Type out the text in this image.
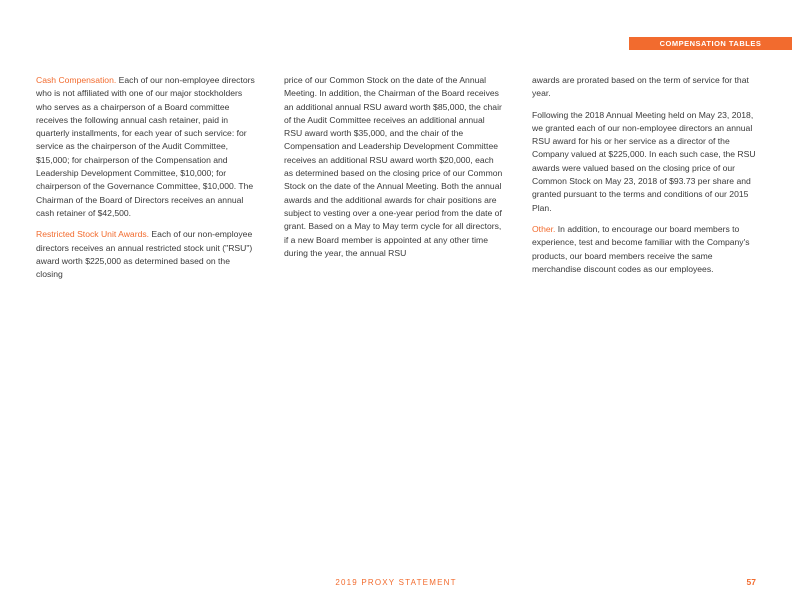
COMPENSATION TABLES

Cash Compensation. Each of our non-employee directors who is not affiliated with one of our major stockholders who serves as a chairperson of a Board committee receives the following annual cash retainer, paid in quarterly installments, for each year of such service: for service as the chairperson of the Audit Committee, $15,000; for chairperson of the Compensation and Leadership Development Committee, $10,000; for chairperson of the Governance Committee, $10,000. The Chairman of the Board of Directors receives an annual cash retainer of $42,500.

Restricted Stock Unit Awards. Each of our non-employee directors receives an annual restricted stock unit ("RSU") award worth $225,000 as determined based on the closing

price of our Common Stock on the date of the Annual Meeting. In addition, the Chairman of the Board receives an additional annual RSU award worth $85,000, the chair of the Audit Committee receives an additional annual RSU award worth $35,000, and the chair of the Compensation and Leadership Development Committee receives an additional RSU award worth $20,000, each as determined based on the closing price of our Common Stock on the date of the Annual Meeting. Both the annual awards and the additional awards for chair positions are subject to vesting over a one-year period from the date of grant. Based on a May to May term cycle for all directors, if a new Board member is appointed at any other time during the year, the annual RSU

awards are prorated based on the term of service for that year.

Following the 2018 Annual Meeting held on May 23, 2018, we granted each of our non-employee directors an annual RSU award for his or her service as a director of the Company valued at $225,000. In each such case, the RSU awards were valued based on the closing price of our Common Stock on May 23, 2018 of $93.73 per share and granted pursuant to the terms and conditions of our 2015 Plan.

Other. In addition, to encourage our board members to experience, test and become familiar with the Company's products, our board members receive the same merchandise discount codes as our employees.

2019 PROXY STATEMENT	57
